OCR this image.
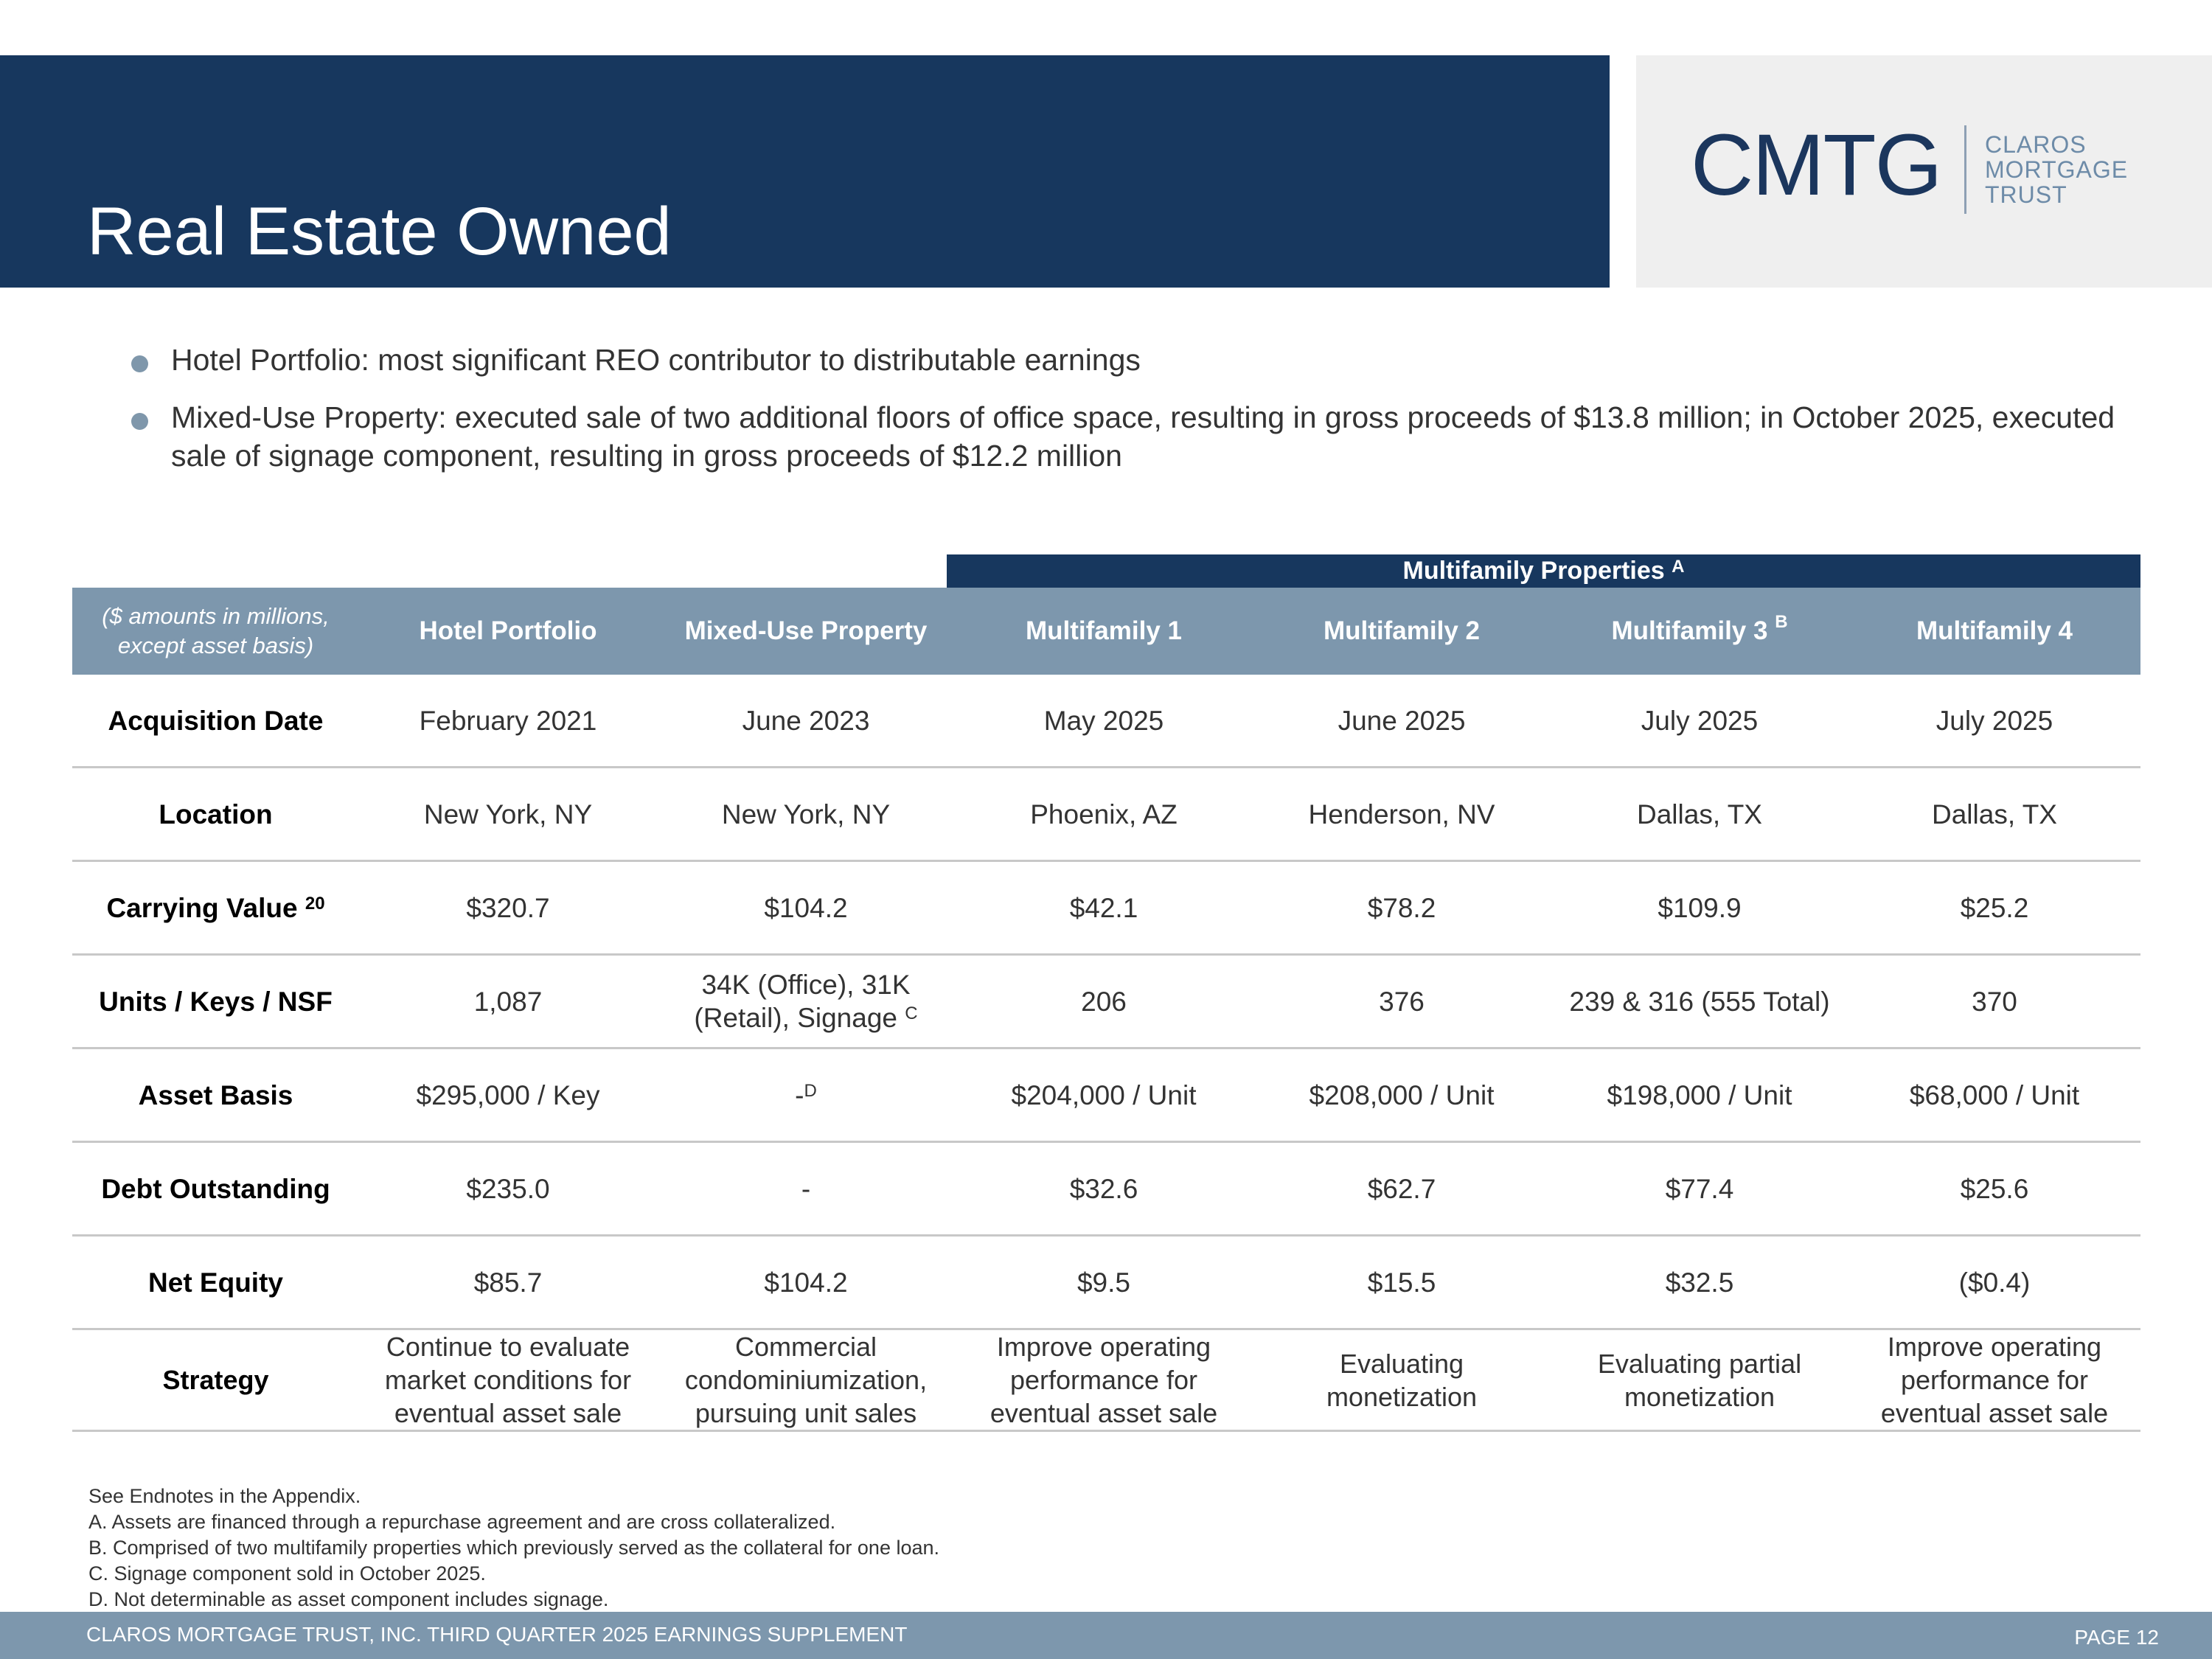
Real Estate Owned
CMTG CLAROS
MORTGAGE
TRUST
Hotel Portfolio: most significant REO contributor to distributable earnings
Mixed-Use Property: executed sale of two additional floors of office space, resulting in gross proceeds of $13.8 million; in October 2025, executed sale of signage component, resulting in gross proceeds of $12.2 million
Multifamily Properties $^A$
($ amounts in millions, except asset basis)	Hotel Portfolio	Mixed-Use Property	Multifamily 1	Multifamily 2	Multifamily 3 $^B$	Multifamily 4
Acquisition Date	February 2021	June 2023	May 2025	June 2025	July 2025	July 2025
Location	New York, NY	New York, NY	Phoenix, AZ	Henderson, NV	Dallas, TX	Dallas, TX
Carrying Value $^{20}$	$320.7	$104.2	$42.1	$78.2	$109.9	$25.2
Units / Keys / NSF	1,087	34K (Office), 31K (Retail), Signage $^C$	206	376	239 & 316 (555 Total)	370
Asset Basis	$295,000 / Key	-$^D$	$204,000 / Unit	$208,000 / Unit	$198,000 / Unit	$68,000 / Unit
Debt Outstanding	$235.0	-	$32.6	$62.7	$77.4	$25.6
Net Equity	$85.7	$104.2	$9.5	$15.5	$32.5	($0.4)
Strategy	Continue to evaluate market conditions for eventual asset sale	Commercial condominiumization, pursuing unit sales	Improve operating performance for eventual asset sale	Evaluating monetization	Evaluating partial monetization	Improve operating performance for eventual asset sale
See Endnotes in the Appendix.
A. Assets are financed through a repurchase agreement and are cross collateralized.
B. Comprised of two multifamily properties which previously served as the collateral for one loan.
C. Signage component sold in October 2025.
D. Not determinable as asset component includes signage.
CLAROS MORTGAGE TRUST, INC. THIRD QUARTER 2025 EARNINGS SUPPLEMENT	PAGE 12
